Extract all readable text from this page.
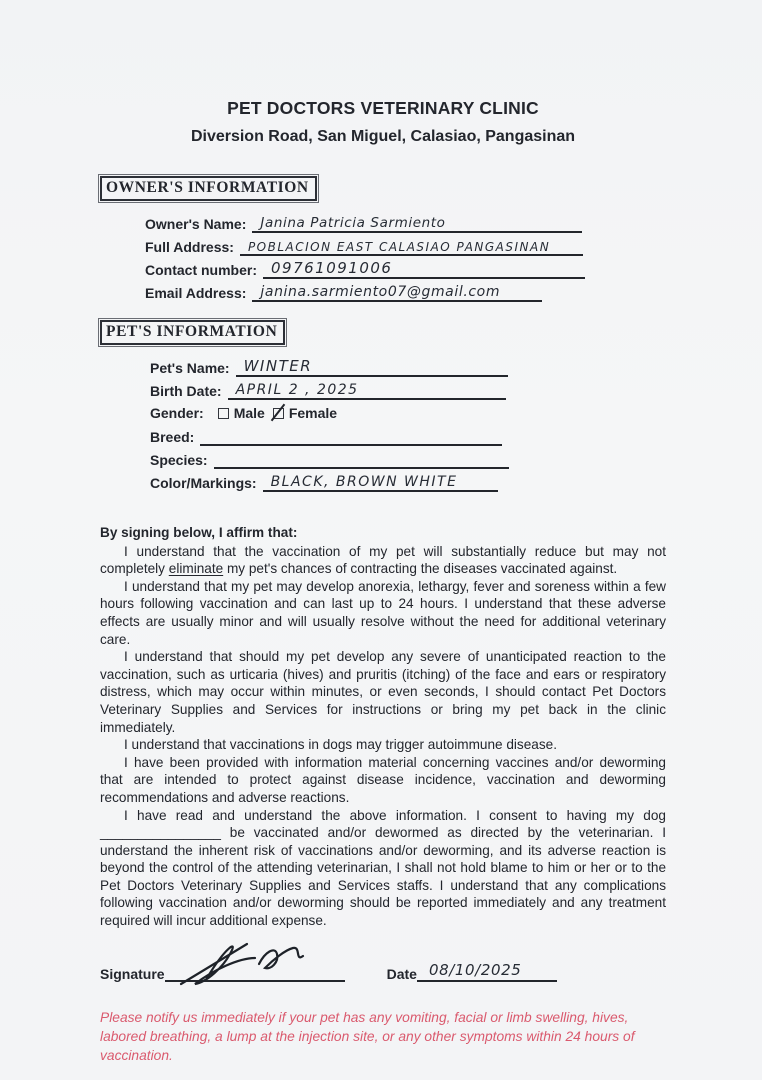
PET DOCTORS VETERINARY CLINIC
Diversion Road, San Miguel, Calasiao, Pangasinan
OWNER'S INFORMATION
Owner's Name: Janina Patricia Sarmiento
Full Address: POBLACION EAST CALASIAO PANGASINAN
Contact number: 09761091006
Email Address: janina.sarmiento07@gmail.com
PET'S INFORMATION
Pet's Name: WINTER
Birth Date: APRIL 2 , 2025
Gender: Male Female
Breed:
Species:
Color/Markings: BLACK, BROWN WHITE
By signing below, I affirm that:

I understand that the vaccination of my pet will substantially reduce but may not completely eliminate my pet's chances of contracting the diseases vaccinated against.

I understand that my pet may develop anorexia, lethargy, fever and soreness within a few hours following vaccination and can last up to 24 hours. I understand that these adverse effects are usually minor and will usually resolve without the need for additional veterinary care.

I understand that should my pet develop any severe of unanticipated reaction to the vaccination, such as urticaria (hives) and pruritis (itching) of the face and ears or respiratory distress, which may occur within minutes, or even seconds, I should contact Pet Doctors Veterinary Supplies and Services for instructions or bring my pet back in the clinic immediately.

I understand that vaccinations in dogs may trigger autoimmune disease.

I have been provided with information material concerning vaccines and/or deworming that are intended to protect against disease incidence, vaccination and deworming recommendations and adverse reactions.

I have read and understand the above information. I consent to having my dog ________________ be vaccinated and/or dewormed as directed by the veterinarian. I understand the inherent risk of vaccinations and/or deworming, and its adverse reaction is beyond the control of the attending veterinarian, I shall not hold blame to him or her or to the Pet Doctors Veterinary Supplies and Services staffs. I understand that any complications following vaccination and/or deworming should be reported immediately and any treatment required will incur additional expense.

Signature	Date 08/10/2025
Please notify us immediately if your pet has any vomiting, facial or limb swelling, hives, labored breathing, a lump at the injection site, or any other symptoms within 24 hours of vaccination.
